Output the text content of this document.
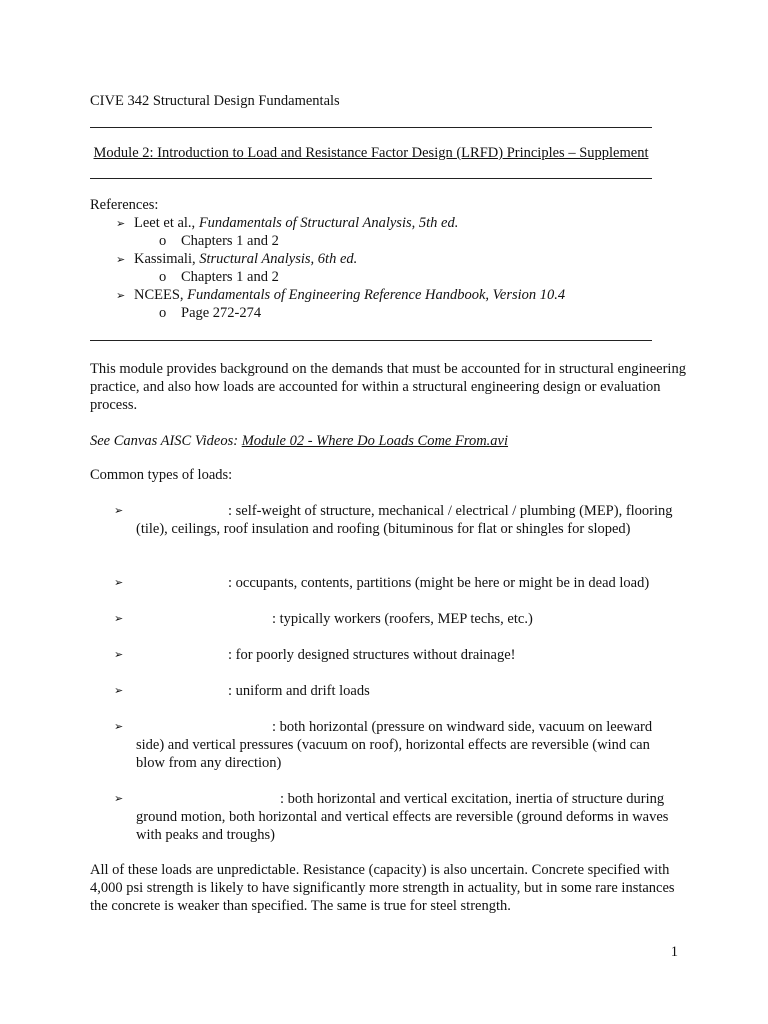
CIVE 342 Structural Design Fundamentals
Module 2: Introduction to Load and Resistance Factor Design (LRFD) Principles – Supplement
References:
➢ Leet et al., Fundamentals of Structural Analysis, 5th ed.
o Chapters 1 and 2
➢ Kassimali, Structural Analysis, 6th ed.
o Chapters 1 and 2
➢ NCEES, Fundamentals of Engineering Reference Handbook, Version 10.4
o Page 272-274
This module provides background on the demands that must be accounted for in structural engineering practice, and also how loads are accounted for within a structural engineering design or evaluation process.
See Canvas AISC Videos: Module 02 - Where Do Loads Come From.avi
Common types of loads:
➢	: self-weight of structure, mechanical / electrical / plumbing (MEP), flooring (tile), ceilings, roof insulation and roofing (bituminous for flat or shingles for sloped)
➢	: occupants, contents, partitions (might be here or might be in dead load)
➢	: typically workers (roofers, MEP techs, etc.)
➢	: for poorly designed structures without drainage!
➢	: uniform and drift loads
➢	: both horizontal (pressure on windward side, vacuum on leeward side) and vertical pressures (vacuum on roof), horizontal effects are reversible (wind can blow from any direction)
➢	: both horizontal and vertical excitation, inertia of structure during ground motion, both horizontal and vertical effects are reversible (ground deforms in waves with peaks and troughs)
All of these loads are unpredictable. Resistance (capacity) is also uncertain. Concrete specified with 4,000 psi strength is likely to have significantly more strength in actuality, but in some rare instances the concrete is weaker than specified. The same is true for steel strength.
1
